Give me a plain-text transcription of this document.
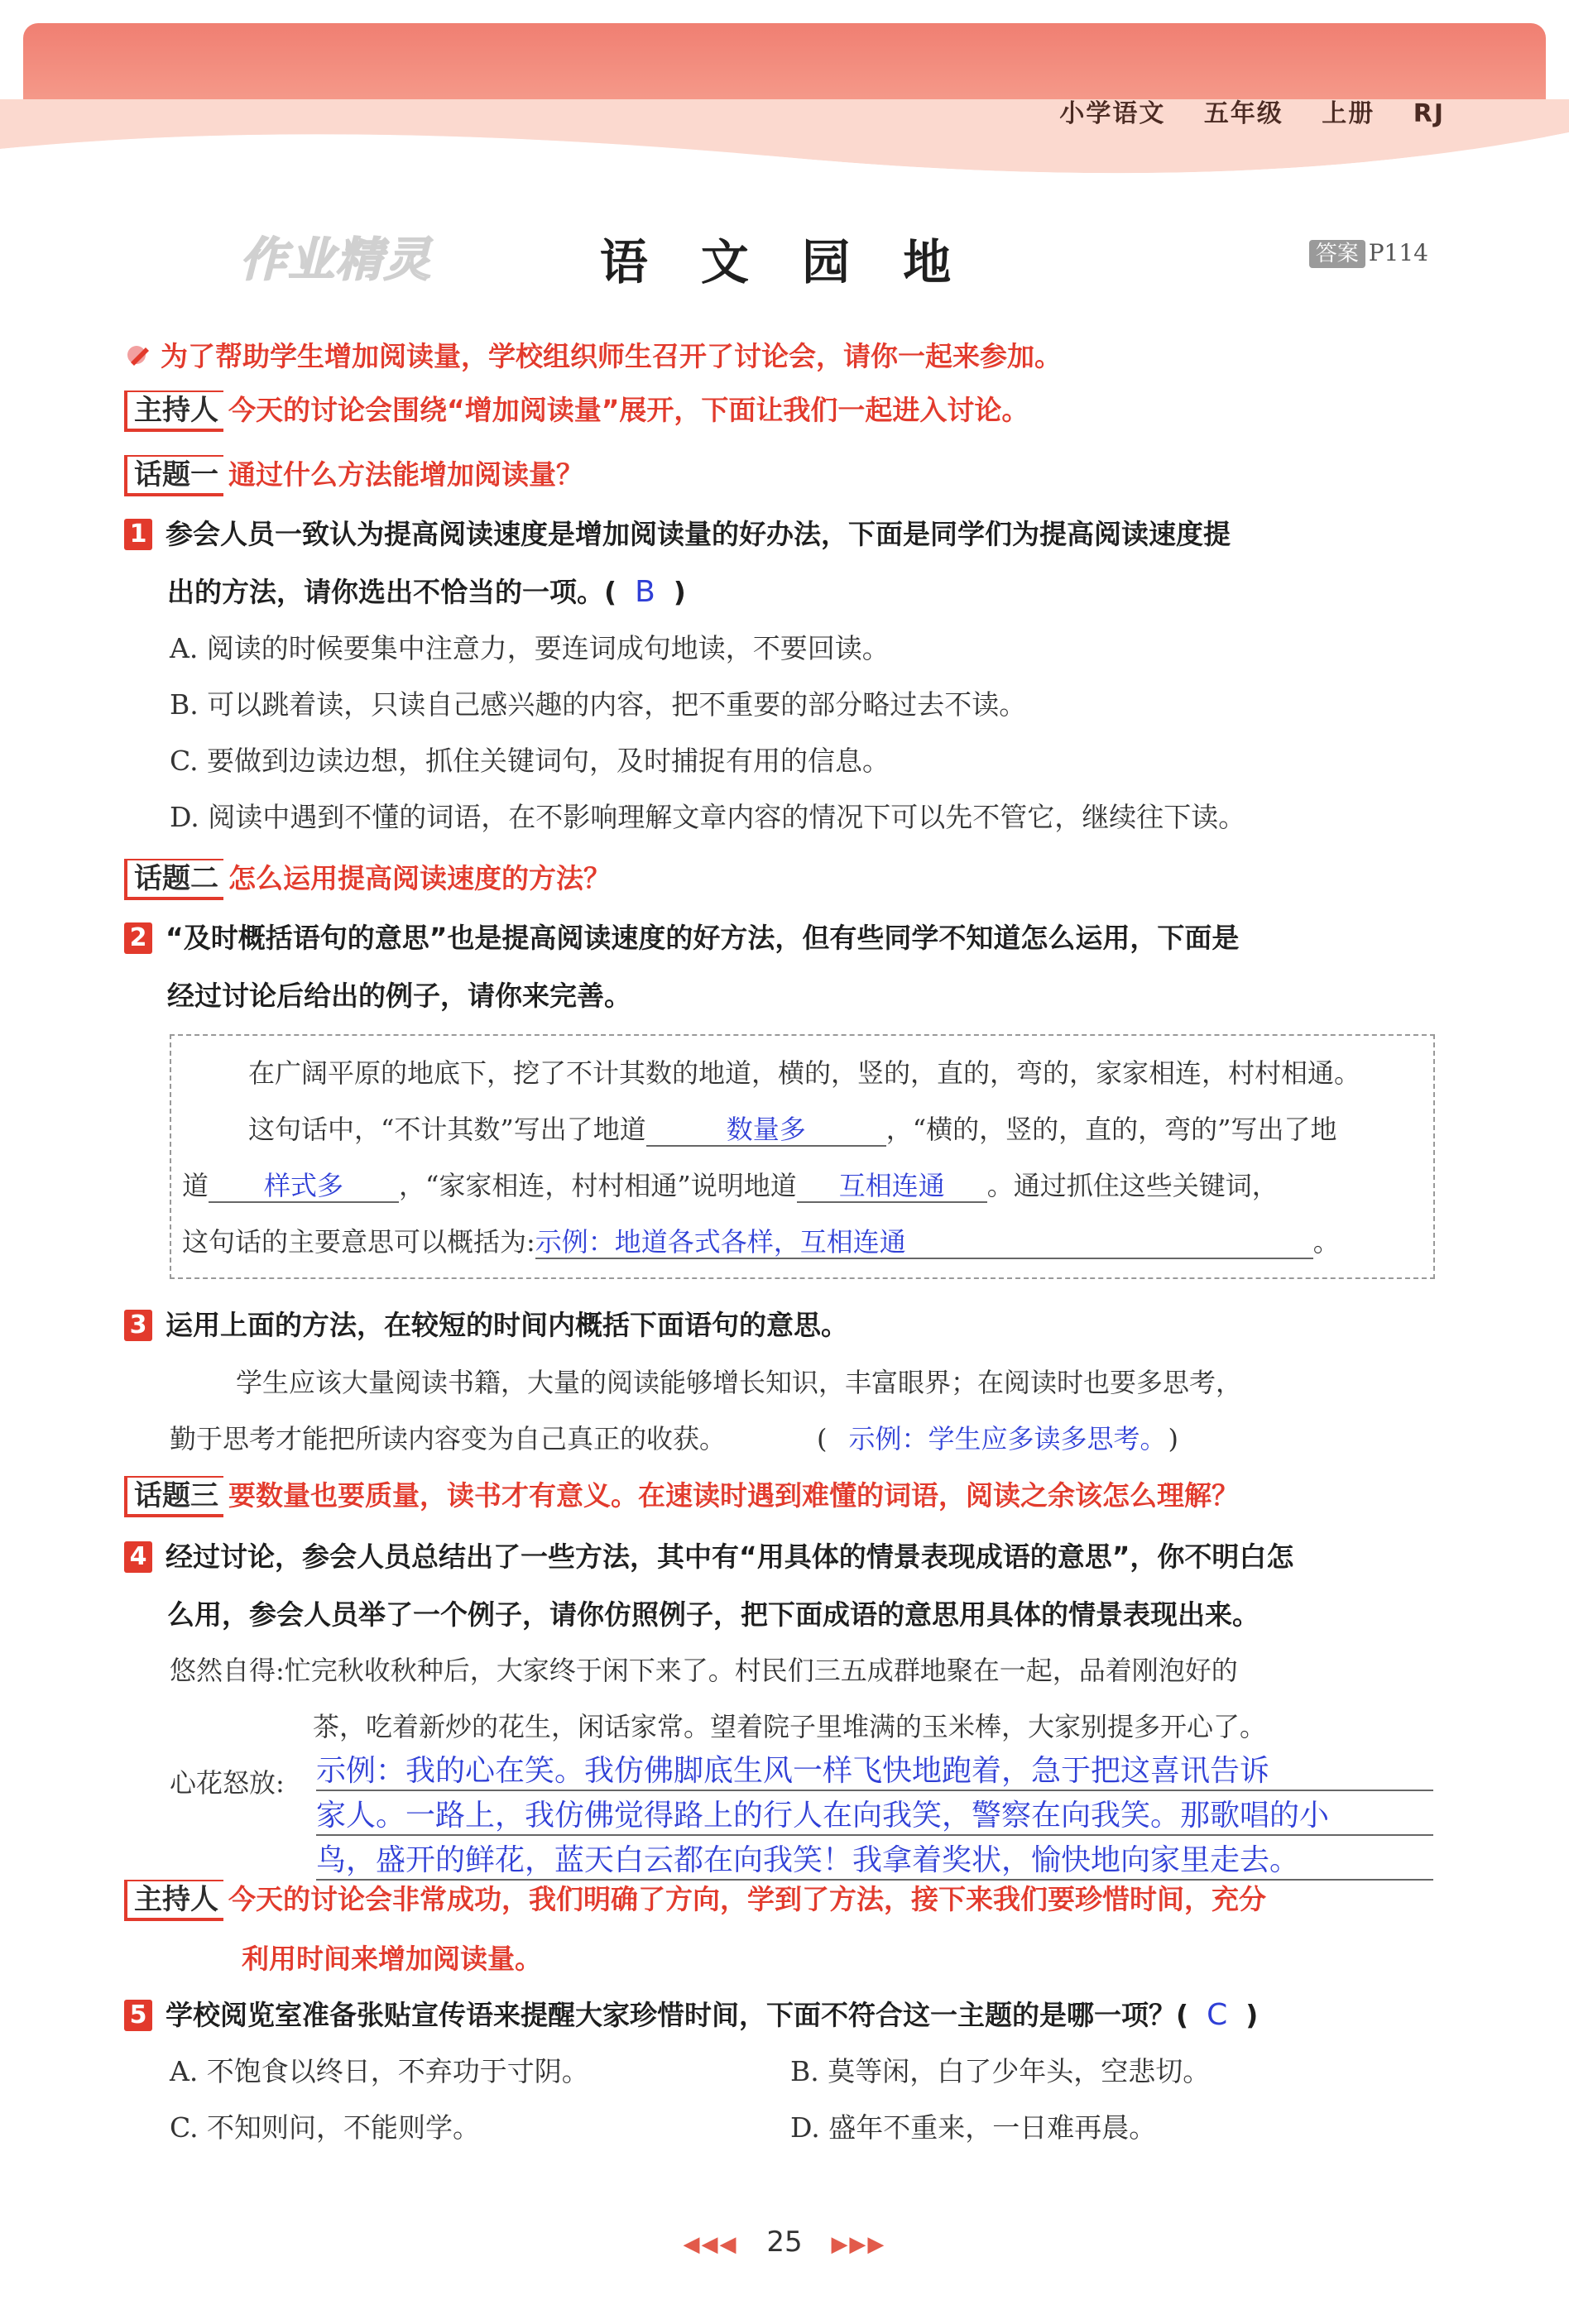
小学语文 五年级 上册 RJ
作业精灵	语 文 园 地	答案 P114
为了帮助学生增加阅读量，学校组织师生召开了讨论会，请你一起来参加。
主持人 今天的讨论会围绕“增加阅读量”展开，下面让我们一起进入讨论。
话题一 通过什么方法能增加阅读量？
1 参会人员一致认为提高阅读速度是增加阅读量的好办法，下面是同学们为提高阅读速度提
出的方法，请你选出不恰当的一项。( B )
A. 阅读的时候要集中注意力，要连词成句地读，不要回读。
B. 可以跳着读，只读自己感兴趣的内容，把不重要的部分略过去不读。
C. 要做到边读边想，抓住关键词句，及时捕捉有用的信息。
D. 阅读中遇到不懂的词语，在不影响理解文章内容的情况下可以先不管它，继续往下读。
话题二 怎么运用提高阅读速度的方法？
2 “及时概括语句的意思”也是提高阅读速度的好方法，但有些同学不知道怎么运用，下面是
经过讨论后给出的例子，请你来完善。
在广阔平原的地底下，挖了不计其数的地道，横的，竖的，直的，弯的，家家相连，村村相通。
这句话中，“不计其数”写出了地道	数量多	，“横的，竖的，直的，弯的”写出了地
道 样式多 ，“家家相连，村村相通”说明地道 互相连通 。通过抓住这些关键词，
这句话的主要意思可以概括为:示例：地道各式各样，互相连通	。
3 运用上面的方法，在较短的时间内概括下面语句的意思。
学生应该大量阅读书籍，大量的阅读能够增长知识，丰富眼界；在阅读时也要多思考，
勤于思考才能把所读内容变为自己真正的收获。	( 示例：学生应多读多思考。 )
话题三 要数量也要质量，读书才有意义。在速读时遇到难懂的词语，阅读之余该怎么理解？
4 经过讨论，参会人员总结出了一些方法，其中有“用具体的情景表现成语的意思”，你不明白怎
么用，参会人员举了一个例子，请你仿照例子，把下面成语的意思用具体的情景表现出来。
悠然自得:忙完秋收秋种后，大家终于闲下来了。村民们三五成群地聚在一起，品着刚泡好的
茶，吃着新炒的花生，闲话家常。望着院子里堆满的玉米棒，大家别提多开心了。
心花怒放: 示例：我的心在笑。我仿佛脚底生风一样飞快地跑着，急于把这喜讯告诉
家人。一路上，我仿佛觉得路上的行人在向我笑，警察在向我笑。那歌唱的小
鸟，盛开的鲜花，蓝天白云都在向我笑！我拿着奖状，愉快地向家里走去。
主持人 今天的讨论会非常成功，我们明确了方向，学到了方法，接下来我们要珍惜时间，充分
利用时间来增加阅读量。
5 学校阅览室准备张贴宣传语来提醒大家珍惜时间，下面不符合这一主题的是哪一项？( C )
A. 不饱食以终日，不弃功于寸阴。	B. 莫等闲，白了少年头，空悲切。
C. 不知则问，不能则学。	D. 盛年不重来，一日难再晨。
◀◀◀ 25 ▶▶▶
